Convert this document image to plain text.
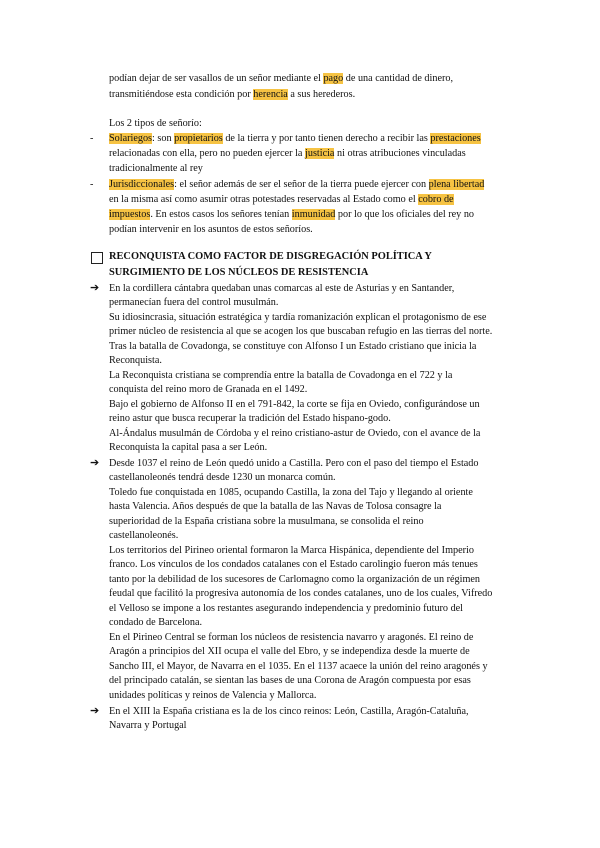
podían dejar de ser vasallos de un señor mediante el pago de una cantidad de dinero,
transmitiéndose esta condición por herencia a sus herederos.
Los 2 tipos de señorío:
- Solariegos: son propietarios de la tierra y por tanto tienen derecho a recibir las prestaciones
relacionadas con ella, pero no pueden ejercer la justicia ni otras atribuciones vinculadas
tradicionalmente al rey
- Jurisdiccionales: el señor además de ser el señor de la tierra puede ejercer con plena libertad
en la misma así como asumir otras potestades reservadas al Estado como el cobro de
impuestos. En estos casos los señores tenían inmunidad por lo que los oficiales del rey no
podían intervenir en los asuntos de estos señoríos.
RECONQUISTA COMO FACTOR DE DISGREGACIÓN POLÍTICA Y
SURGIMIENTO DE LOS NÚCLEOS DE RESISTENCIA
➔
➔
➔
En la cordillera cántabra quedaban unas comarcas al este de Asturias y en Santander,
permanecían fuera del control musulmán.
Su idiosincrasia, situación estratégica y tardía romanización explican el protagonismo de ese
primer núcleo de resistencia al que se acogen los que buscaban refugio en las tierras del norte.
Tras la batalla de Covadonga, se constituye con Alfonso I un Estado cristiano que inicia la
Reconquista.
La Reconquista cristiana se comprendía entre la batalla de Covadonga en el 722 y la
conquista del reino moro de Granada en el 1492.
Bajo el gobierno de Alfonso II en el 791-842, la corte se fija en Oviedo, configurándose un
reino astur que busca recuperar la tradición del Estado hispano-godo.
Al-Ándalus musulmán de Córdoba y el reino cristiano-astur de Oviedo, con el avance de la
Reconquista la capital pasa a ser León.
Desde 1037 el reino de León quedó unido a Castilla. Pero con el paso del tiempo el Estado
castellanoleonés tendrá desde 1230 un monarca común.
Toledo fue conquistada en 1085, ocupando Castilla, la zona del Tajo y llegando al oriente
hasta Valencia. Años después de que la batalla de las Navas de Tolosa consagre la
superioridad de la España cristiana sobre la musulmana, se consolida el reino
castellanoleonés.
Los territorios del Pirineo oriental formaron la Marca Hispánica, dependiente del Imperio
franco. Los vínculos de los condados catalanes con el Estado carolingio fueron más tenues
tanto por la debilidad de los sucesores de Carlomagno como la organización de un régimen
feudal que facilitó la progresiva autonomía de los condes catalanes, uno de los cuales, Vifredo
el Velloso se impone a los restantes asegurando independencia y predominio futuro del
condado de Barcelona.
En el Pirineo Central se forman los núcleos de resistencia navarro y aragonés. El reino de
Aragón a principios del XII ocupa el valle del Ebro, y se independiza desde la muerte de
Sancho III, el Mayor, de Navarra en el 1035. En el 1137 acaece la unión del reino aragonés y
del principado catalán, se sientan las bases de una Corona de Aragón compuesta por esas
unidades políticas y reinos de Valencia y Mallorca.
En el XIII la España cristiana es la de los cinco reinos: León, Castilla, Aragón-Cataluña,
Navarra y Portugal
